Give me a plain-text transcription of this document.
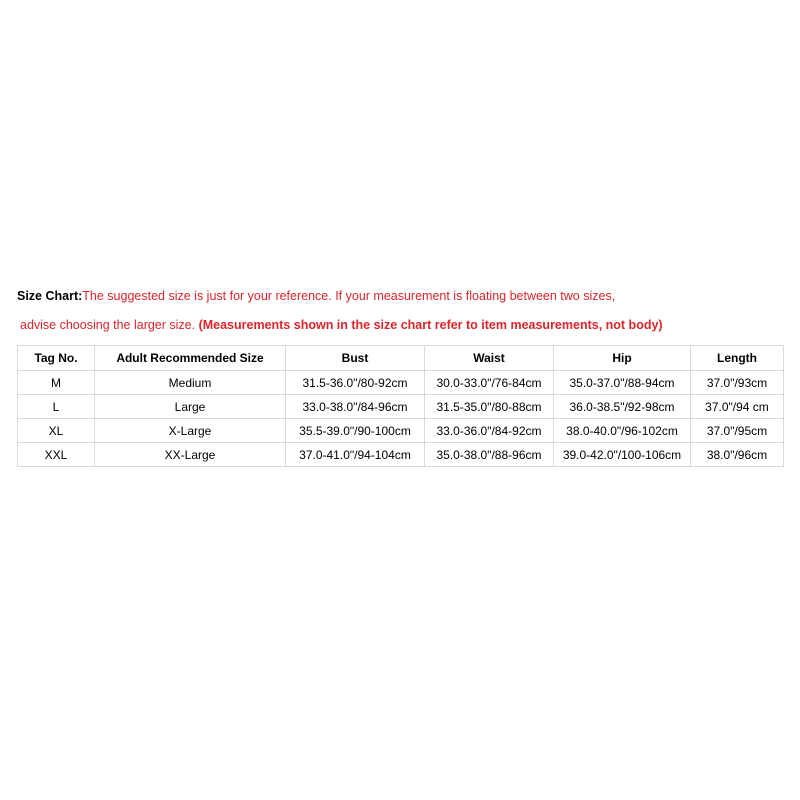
Size Chart:The suggested size is just for your reference. If your measurement is floating between two sizes,
advise choosing the larger size. (Measurements shown in the size chart refer to item measurements, not body)
Tag No.	Adult Recommended Size	Bust	Waist	Hip	Length
M	Medium	31.5-36.0"/80-92cm	30.0-33.0"/76-84cm	35.0-37.0"/88-94cm	37.0"/93cm
L	Large	33.0-38.0"/84-96cm	31.5-35.0"/80-88cm	36.0-38.5"/92-98cm	37.0"/94 cm
XL	X-Large	35.5-39.0"/90-100cm	33.0-36.0"/84-92cm	38.0-40.0"/96-102cm	37.0"/95cm
XXL	XX-Large	37.0-41.0"/94-104cm	35.0-38.0"/88-96cm	39.0-42.0"/100-106cm	38.0"/96cm
